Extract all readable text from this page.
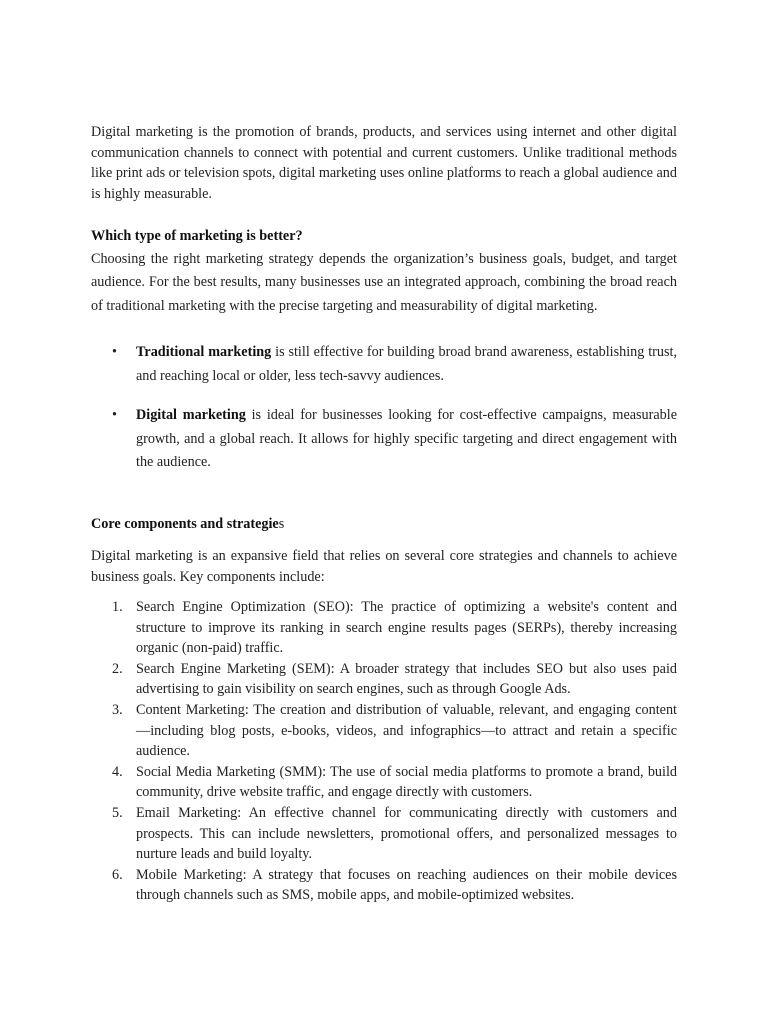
Digital marketing is the promotion of brands, products, and services using internet and other digital communication channels to connect with potential and current customers. Unlike traditional methods like print ads or television spots, digital marketing uses online platforms to reach a global audience and is highly measurable.

Which type of marketing is better?

Choosing the right marketing strategy depends the organization’s business goals, budget, and target audience. For the best results, many businesses use an integrated approach, combining the broad reach of traditional marketing with the precise targeting and measurability of digital marketing.

• Traditional marketing is still effective for building broad brand awareness, establishing trust, and reaching local or older, less tech-savvy audiences.
• Digital marketing is ideal for businesses looking for cost-effective campaigns, measurable growth, and a global reach. It allows for highly specific targeting and direct engagement with the audience.

Core components and strategies

Digital marketing is an expansive field that relies on several core strategies and channels to achieve business goals. Key components include:

1. Search Engine Optimization (SEO): The practice of optimizing a website's content and structure to improve its ranking in search engine results pages (SERPs), thereby increasing organic (non-paid) traffic.
2. Search Engine Marketing (SEM): A broader strategy that includes SEO but also uses paid advertising to gain visibility on search engines, such as through Google Ads.
3. Content Marketing: The creation and distribution of valuable, relevant, and engaging content—including blog posts, e-books, videos, and infographics—to attract and retain a specific audience.
4. Social Media Marketing (SMM): The use of social media platforms to promote a brand, build community, drive website traffic, and engage directly with customers.
5. Email Marketing: An effective channel for communicating directly with customers and prospects. This can include newsletters, promotional offers, and personalized messages to nurture leads and build loyalty.
6. Mobile Marketing: A strategy that focuses on reaching audiences on their mobile devices through channels such as SMS, mobile apps, and mobile-optimized websites.
